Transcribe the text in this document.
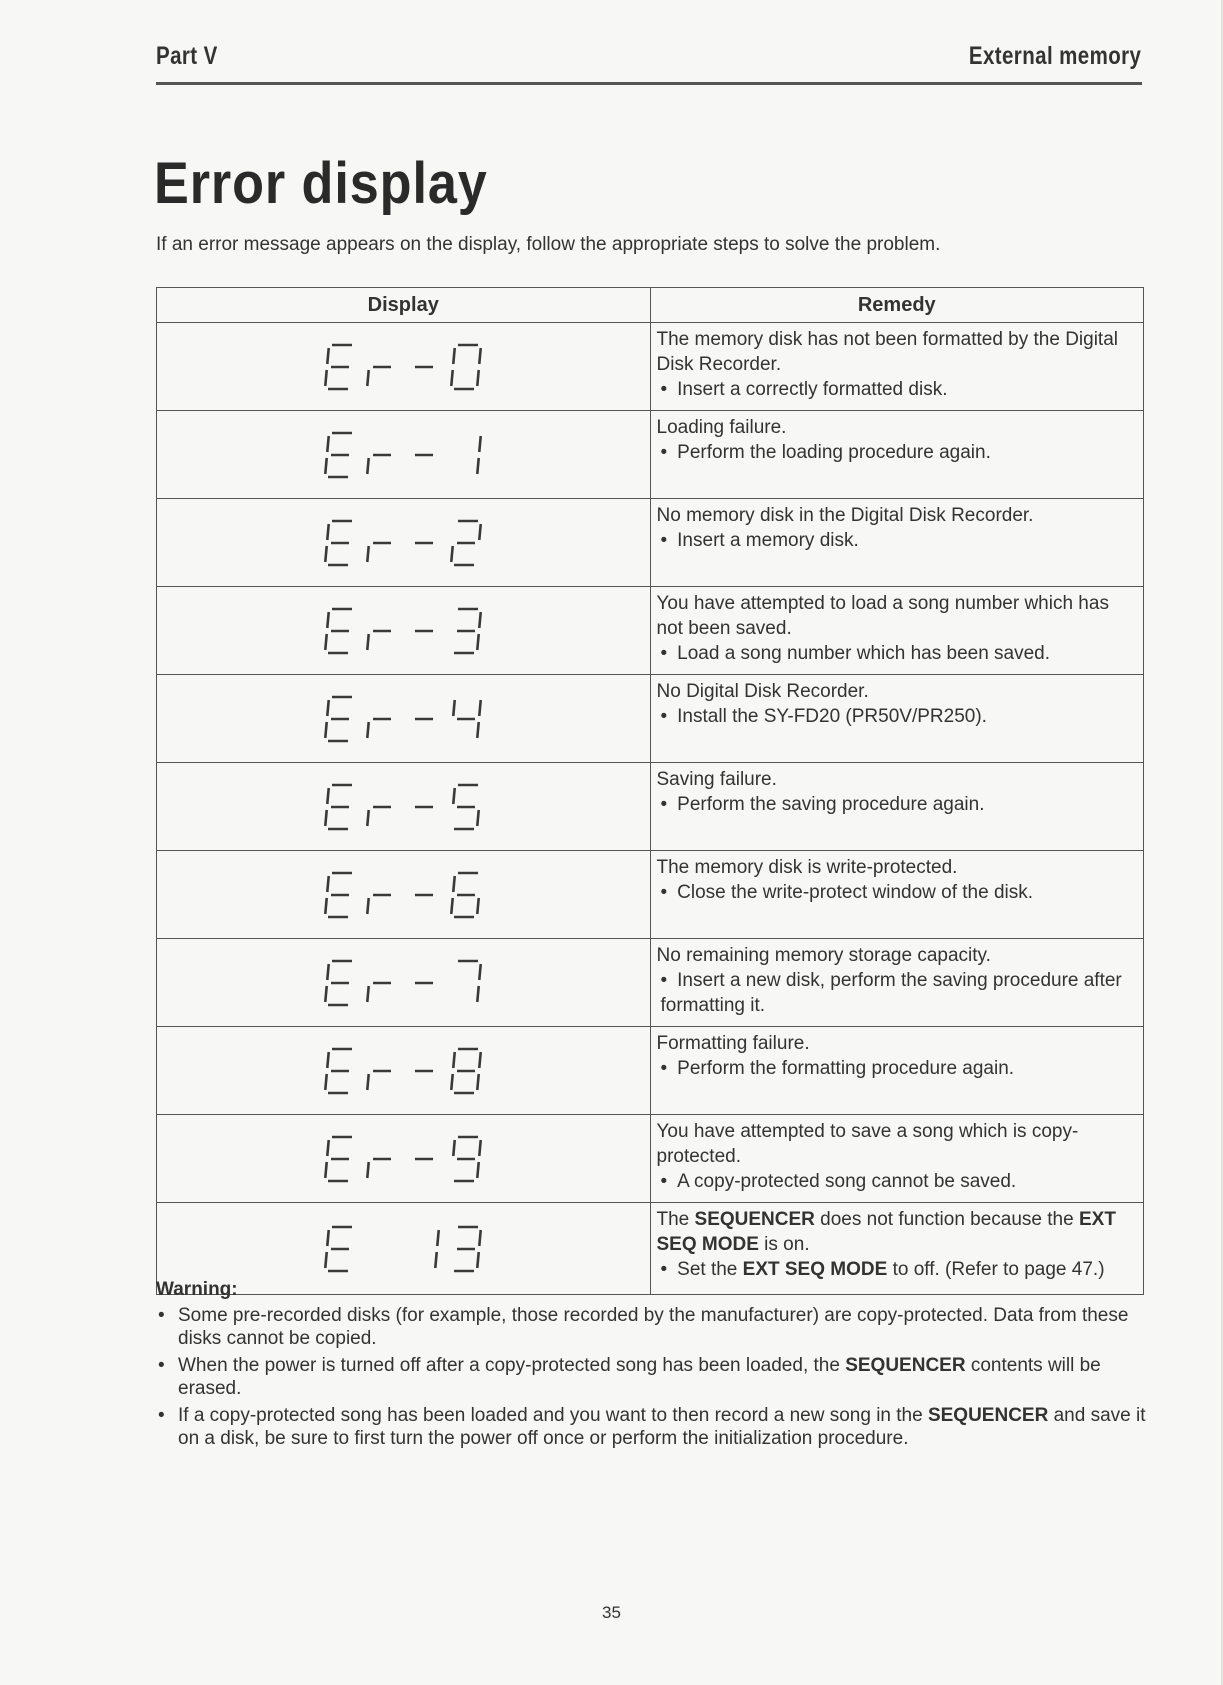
Part V	External memory
Error display
If an error message appears on the display, follow the appropriate steps to solve the problem.
Display	Remedy

	The memory disk has not been formatted by the Digital Disk Recorder.
• Insert a correctly formatted disk.

	Loading failure.
• Perform the loading procedure again.

	No memory disk in the Digital Disk Recorder.
• Insert a memory disk.

	You have attempted to load a song number which has not been saved.
• Load a song number which has been saved.

	No Digital Disk Recorder.
• Install the SY-FD20 (PR50V/PR250).

	Saving failure.
• Perform the saving procedure again.

	The memory disk is write-protected.
• Close the write-protect window of the disk.

	No remaining memory storage capacity.
• Insert a new disk, perform the saving procedure after formatting it.

	Formatting failure.
• Perform the formatting procedure again.

	You have attempted to save a song which is copy-protected.
• A copy-protected song cannot be saved.

	The SEQUENCER does not function because the EXT SEQ MODE is on.
• Set the EXT SEQ MODE to off. (Refer to page 47.)
Warning:
• Some pre-recorded disks (for example, those recorded by the manufacturer) are copy-protected. Data from these disks cannot be copied.
• When the power is turned off after a copy-protected song has been loaded, the SEQUENCER contents will be erased.
• If a copy-protected song has been loaded and you want to then record a new song in the SEQUENCER and save it on a disk, be sure to first turn the power off once or perform the initialization procedure.
35
